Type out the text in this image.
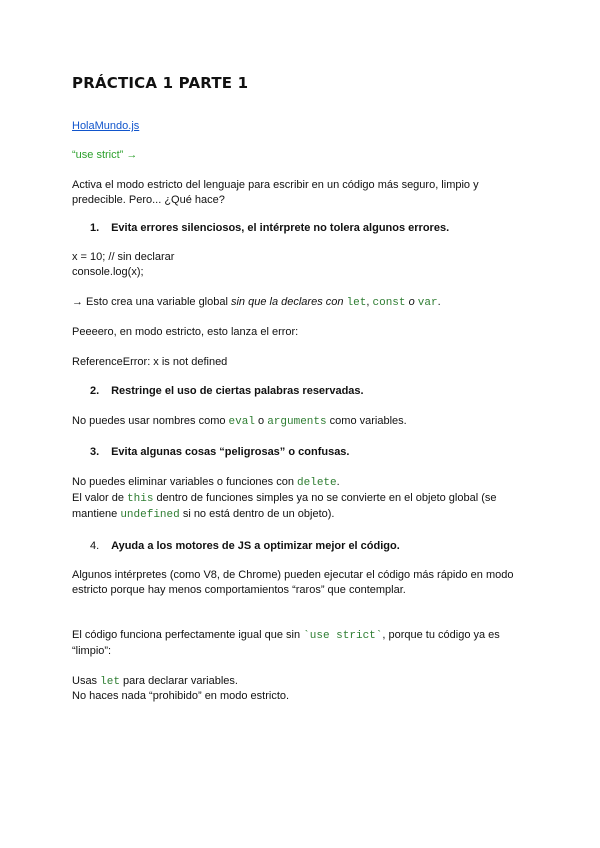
PRÁCTICA 1 PARTE 1

HolaMundo.js

“use strict” →

Activa el modo estricto del lenguaje para escribir en un código más seguro, limpio y predecible. Pero... ¿Qué hace?

1. Evita errores silenciosos, el intérprete no tolera algunos errores.

x = 10; // sin declarar

console.log(x);

→ Esto crea una variable global sin que la declares con let, const o var.

Peeeero, en modo estricto, esto lanza el error:

ReferenceError: x is not defined

2. Restringe el uso de ciertas palabras reservadas.

No puedes usar nombres como eval o arguments como variables.

3. Evita algunas cosas “peligrosas” o confusas.

No puedes eliminar variables o funciones con delete.

El valor de this dentro de funciones simples ya no se convierte en el objeto global (se mantiene undefined si no está dentro de un objeto).

4. Ayuda a los motores de JS a optimizar mejor el código.

Algunos intérpretes (como V8, de Chrome) pueden ejecutar el código más rápido en modo estricto porque hay menos comportamientos “raros” que contemplar.

El código funciona perfectamente igual que sin `use strict`, porque tu código ya es “limpio”:

Usas let para declarar variables.

No haces nada “prohibido” en modo estricto.
